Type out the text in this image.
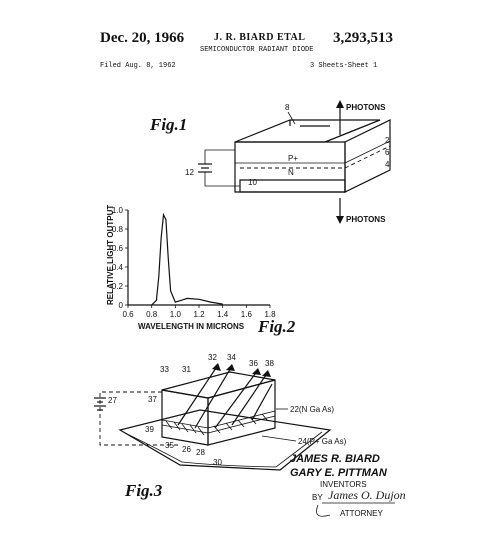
Dec. 20, 1966	J. R. BIARD ETAL 3,293,513
SEMICONDUCTOR RADIANT DIODE
Filed Aug. 8, 1962	3 Sheets-Sheet 1
P+
N
PHOTONS
PHOTONS
8
2
6
4
12
10
Fig.1
1.0
0.8
0.6
0.4
0.2
0
0.6 0.8 1.0 1.2 1.4 1.6 1.8
RELATIVE LIGHT OUTPUT
WAVELENGTH IN MICRONS Fig.2
33 31
32 34
36 38
27	37
39
35 26 28
30
22(N Ga As)
24(P+ Ga As)
Fig.3
JAMES R. BIARD
GARY E. PITTMAN
INVENTORS
BY James O. Dujon
ATTORNEY
